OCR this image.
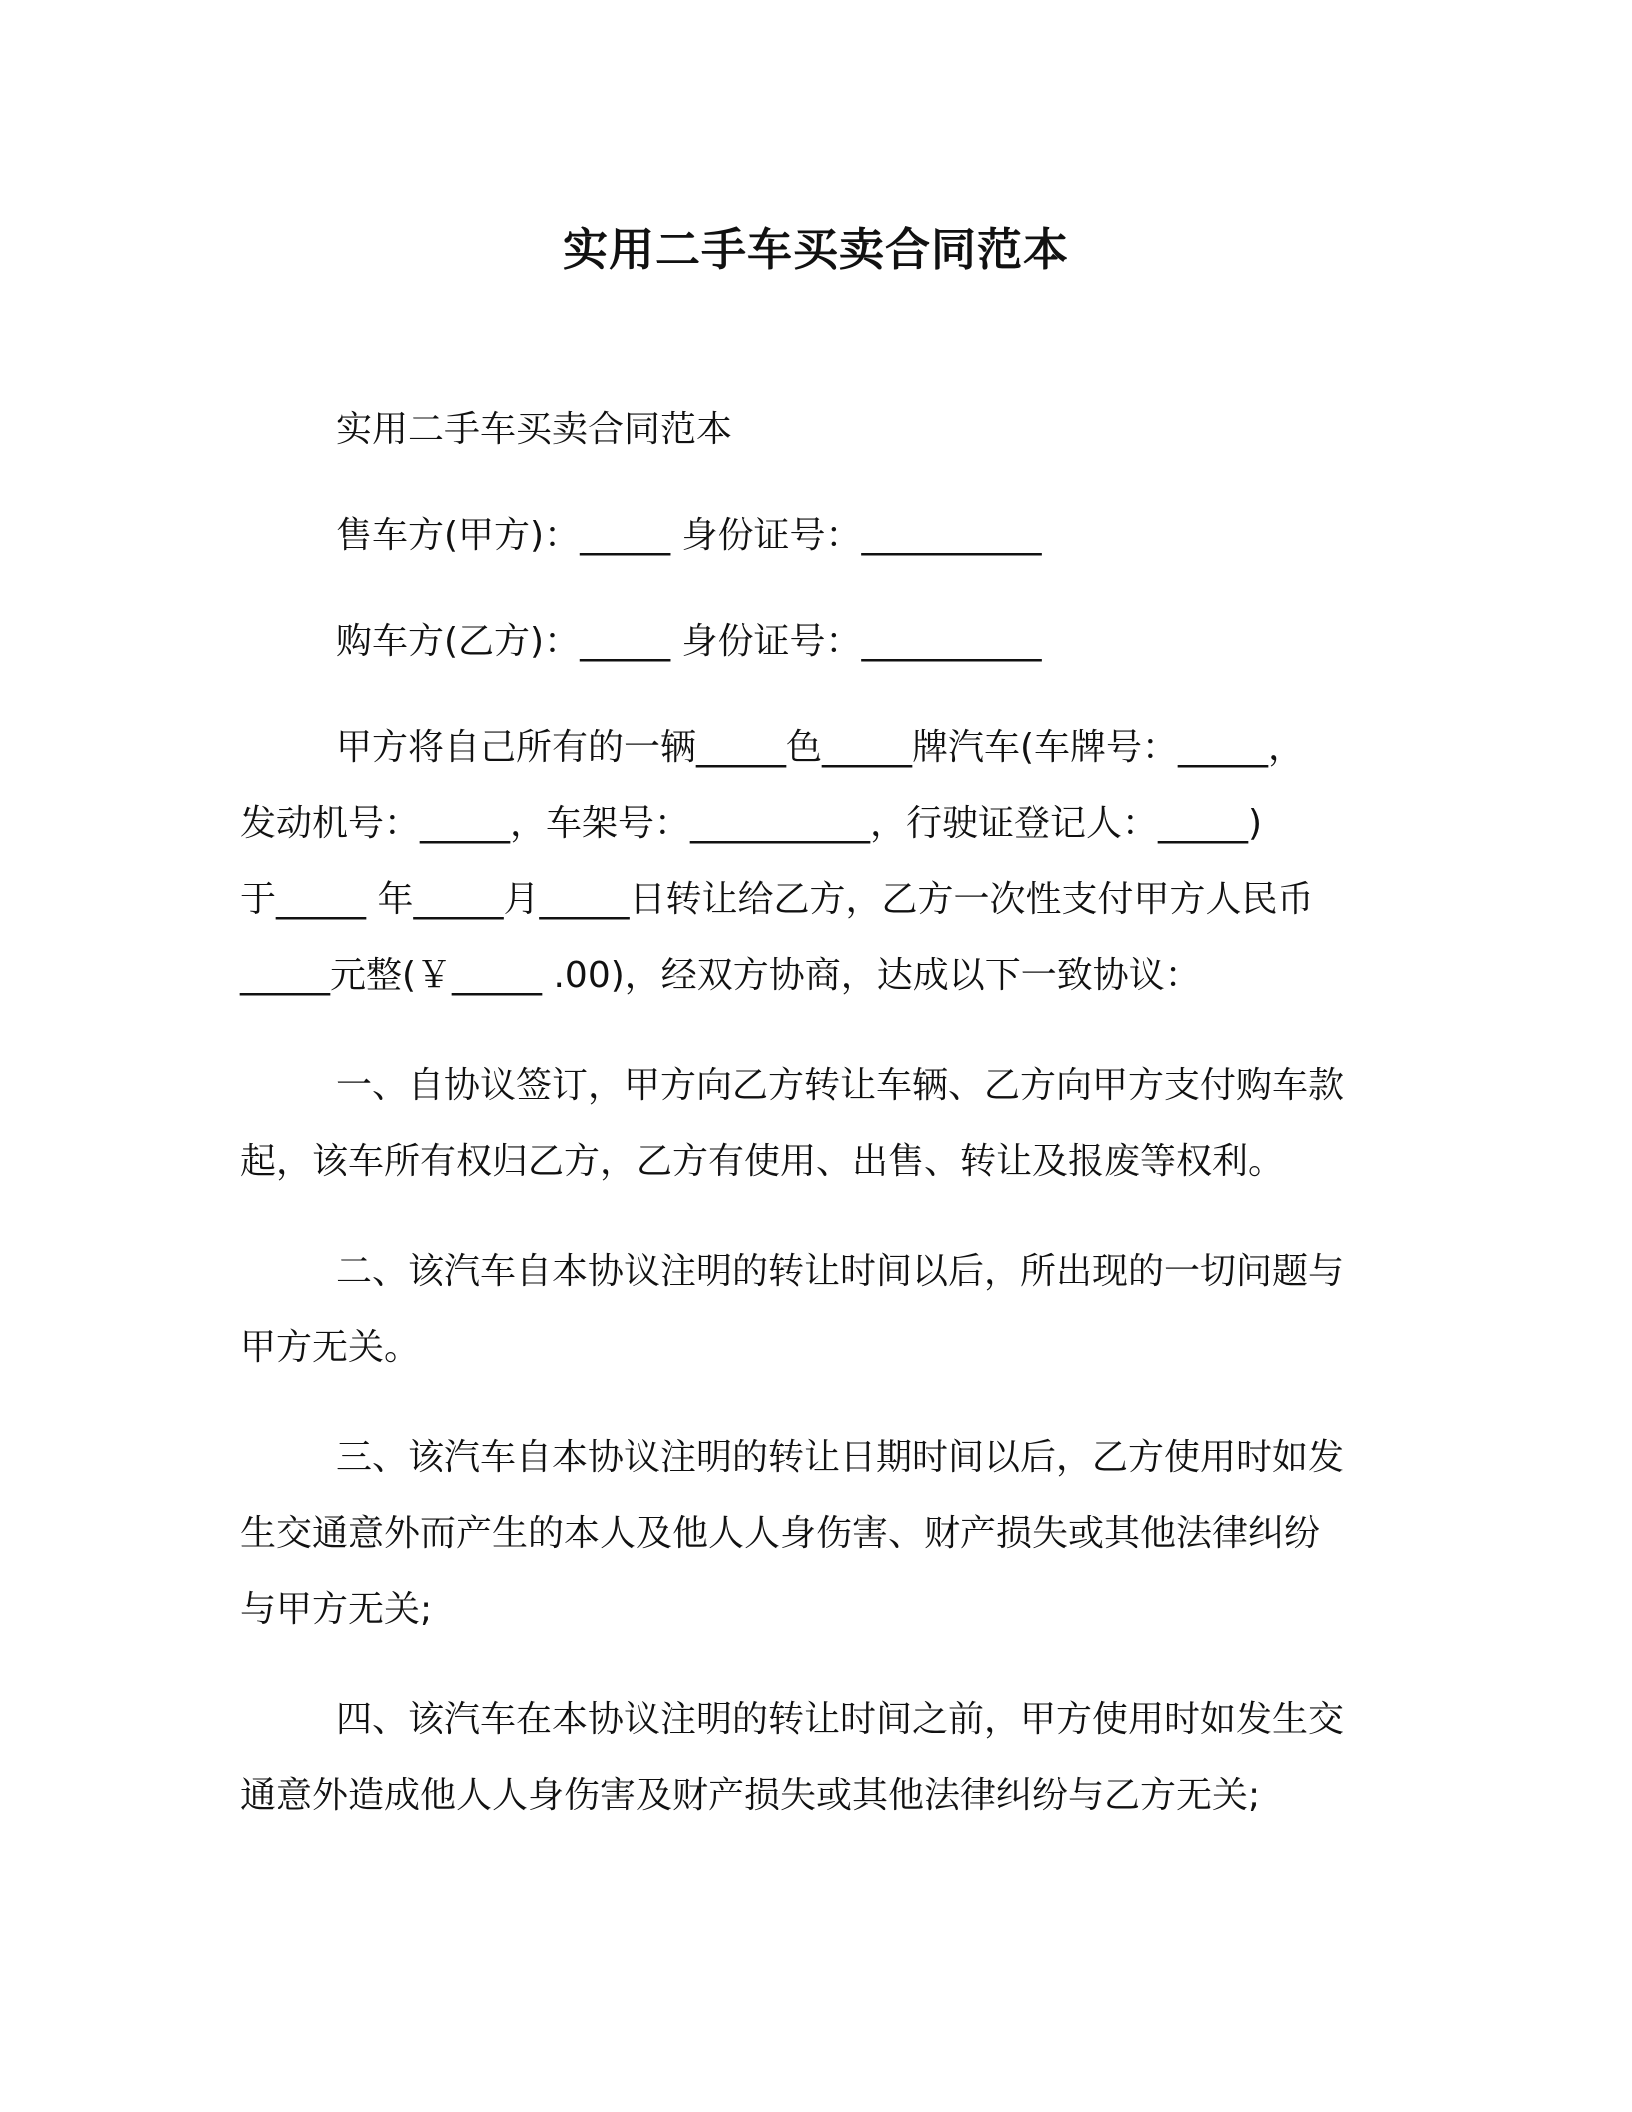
实用二手车买卖合同范本

实用二手车买卖合同范本

售车方(甲方)：_____ 身份证号：__________

购车方(乙方)：_____ 身份证号：__________

甲方将自己所有的一辆_____色_____牌汽车(车牌号：_____，

发动机号：_____，车架号：__________，行驶证登记人：_____)

于_____ 年_____月_____日转让给乙方，乙方一次性支付甲方人民币

_____元整(￥_____ .00)，经双方协商，达成以下一致协议：

一、自协议签订，甲方向乙方转让车辆、乙方向甲方支付购车款

起，该车所有权归乙方，乙方有使用、出售、转让及报废等权利。

二、该汽车自本协议注明的转让时间以后，所出现的一切问题与

甲方无关。

三、该汽车自本协议注明的转让日期时间以后，乙方使用时如发

生交通意外而产生的本人及他人人身伤害、财产损失或其他法律纠纷

与甲方无关;

四、该汽车在本协议注明的转让时间之前，甲方使用时如发生交

通意外造成他人人身伤害及财产损失或其他法律纠纷与乙方无关;
